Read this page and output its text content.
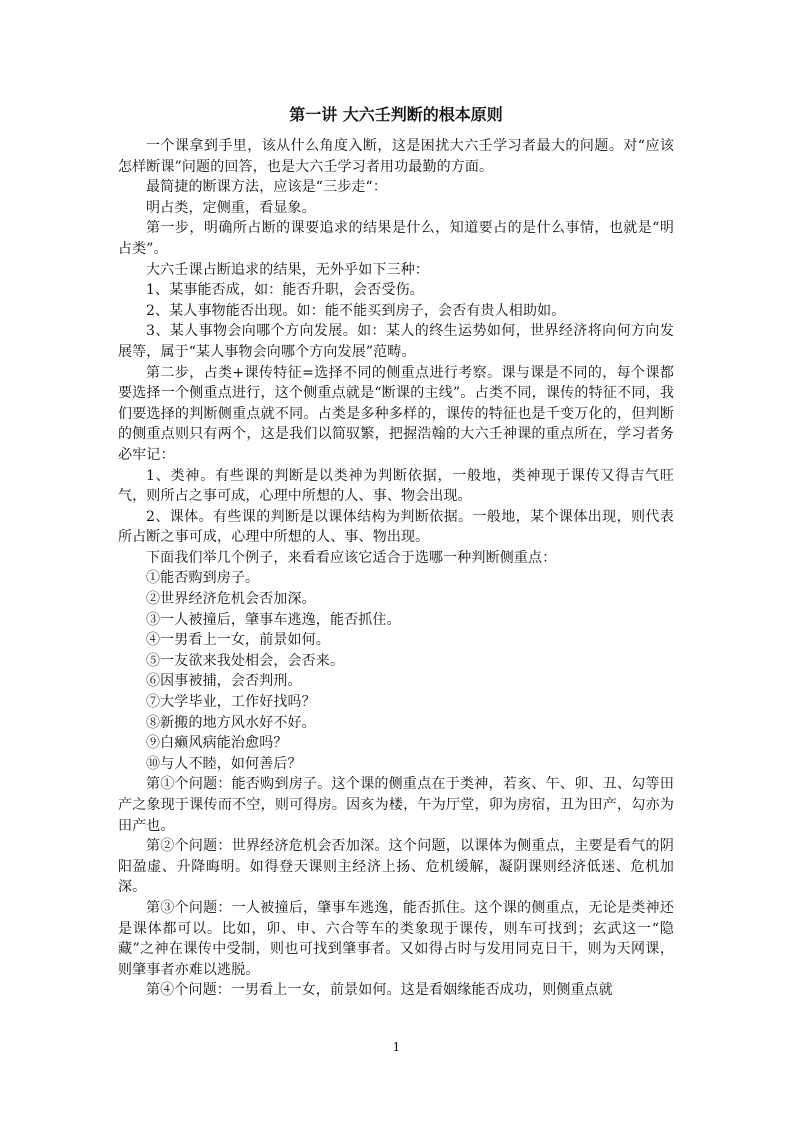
第一讲 大六壬判断的根本原则

一个课拿到手里，该从什么角度入断，这是困扰大六壬学习者最大的问题。对“应该怎样断课”问题的回答，也是大六壬学习者用功最勤的方面。

最简捷的断课方法，应该是“三步走“：

明占类，定侧重，看显象。

第一步，明确所占断的课要追求的结果是什么，知道要占的是什么事情，也就是“明占类”。

大六壬课占断追求的结果，无外乎如下三种：

1、某事能否成，如：能否升职，会否受伤。

2、某人事物能否出现。如：能不能买到房子，会否有贵人相助如。

3、某人事物会向哪个方向发展。如：某人的终生运势如何，世界经济将向何方向发展等，属于“某人事物会向哪个方向发展”范畴。

第二步，占类+课传特征=选择不同的侧重点进行考察。课与课是不同的，每个课都要选择一个侧重点进行，这个侧重点就是“断课的主线”。占类不同，课传的特征不同，我们要选择的判断侧重点就不同。占类是多种多样的，课传的特征也是千变万化的，但判断的侧重点则只有两个，这是我们以简驭繁，把握浩翰的大六壬神课的重点所在，学习者务必牢记：

1、类神。有些课的判断是以类神为判断依据，一般地，类神现于课传又得吉气旺气，则所占之事可成，心理中所想的人、事、物会出现。

2、课体。有些课的判断是以课体结构为判断依据。一般地，某个课体出现，则代表所占断之事可成，心理中所想的人、事、物出现。

下面我们举几个例子，来看看应该它适合于选哪一种判断侧重点：

①能否购到房子。

②世界经济危机会否加深。

③一人被撞后，肇事车逃逸，能否抓住。

④一男看上一女，前景如何。

⑤一友欲来我处相会，会否来。

⑥因事被捕，会否判刑。

⑦大学毕业，工作好找吗？

⑧新搬的地方风水好不好。

⑨白癞风病能治愈吗？

⑩与人不睦，如何善后？

第①个问题：能否购到房子。这个课的侧重点在于类神，若亥、午、卯、丑、勾等田产之象现于课传而不空，则可得房。因亥为楼，午为厅堂，卯为房宿，丑为田产，勾亦为田产也。

第②个问题：世界经济危机会否加深。这个问题，以课体为侧重点，主要是看气的阴阳盈虚、升降晦明。如得登天课则主经济上扬、危机缓解，凝阴课则经济低迷、危机加深。

第③个问题：一人被撞后，肇事车逃逸，能否抓住。这个课的侧重点，无论是类神还是课体都可以。比如，卯、申、六合等车的类象现于课传，则车可找到；玄武这一“隐藏”之神在课传中受制，则也可找到肇事者。又如得占时与发用同克日干，则为天网课，则肇事者亦难以逃脱。

第④个问题：一男看上一女，前景如何。这是看姻缘能否成功，则侧重点就

1
